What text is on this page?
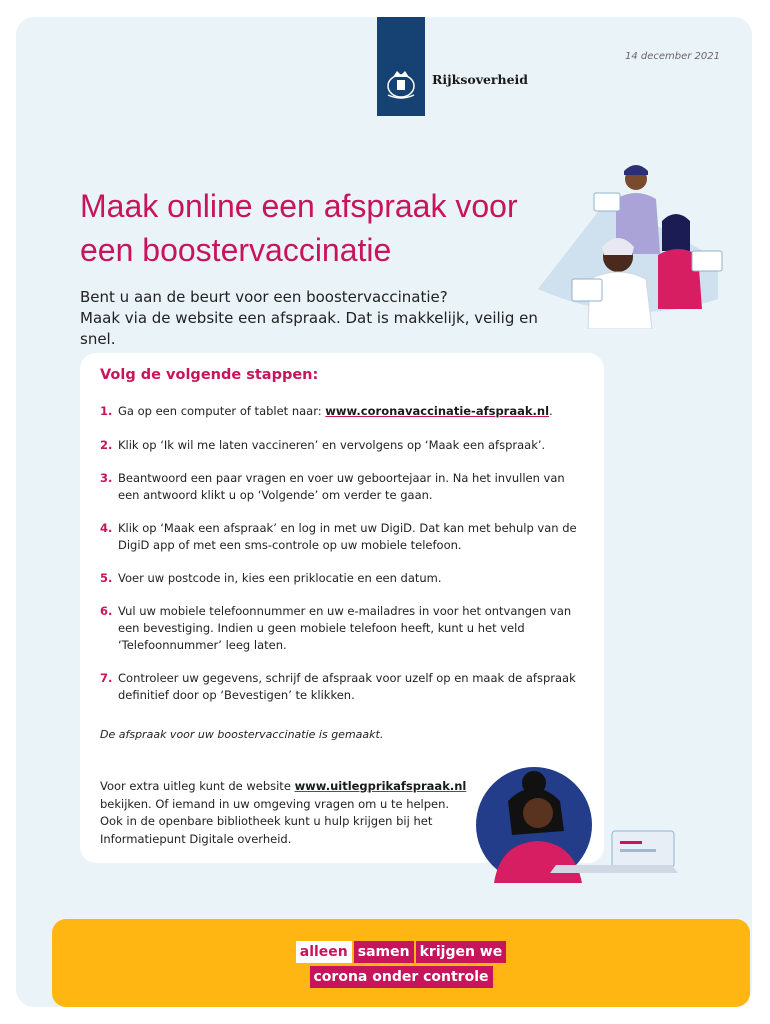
Rijksoverheid
14 december 2021
Maak online een afspraak voor een boostervaccinatie

Bent u aan de beurt voor een boostervaccinatie?
Maak via de website een afspraak. Dat is makkelijk, veilig en snel.

Volg de volgende stappen:
1. Ga op een computer of tablet naar: www.coronavaccinatie-afspraak.nl.
2. Klik op ‘Ik wil me laten vaccineren’ en vervolgens op ‘Maak een afspraak’.
3. Beantwoord een paar vragen en voer uw geboortejaar in. Na het invullen van een antwoord klikt u op ‘Volgende’ om verder te gaan.
4. Klik op ‘Maak een afspraak’ en log in met uw DigiD. Dat kan met behulp van de DigiD app of met een sms-controle op uw mobiele telefoon.
5. Voer uw postcode in, kies een priklocatie en een datum.
6. Vul uw mobiele telefoonnummer en uw e-mailadres in voor het ontvangen van een bevestiging. Indien u geen mobiele telefoon heeft, kunt u het veld ‘Telefoonnummer’ leeg laten.
7. Controleer uw gegevens, schrijf de afspraak voor uzelf op en maak de afspraak definitief door op ‘Bevestigen’ te klikken.
De afspraak voor uw boostervaccinatie is gemaakt.

Voor extra uitleg kunt de website www.uitlegprikafspraak.nl bekijken. Of iemand in uw omgeving vragen om u te helpen. Ook in de openbare bibliotheek kunt u hulp krijgen bij het Informatiepunt Digitale overheid.

alleen samen krijgen we
corona onder controle
